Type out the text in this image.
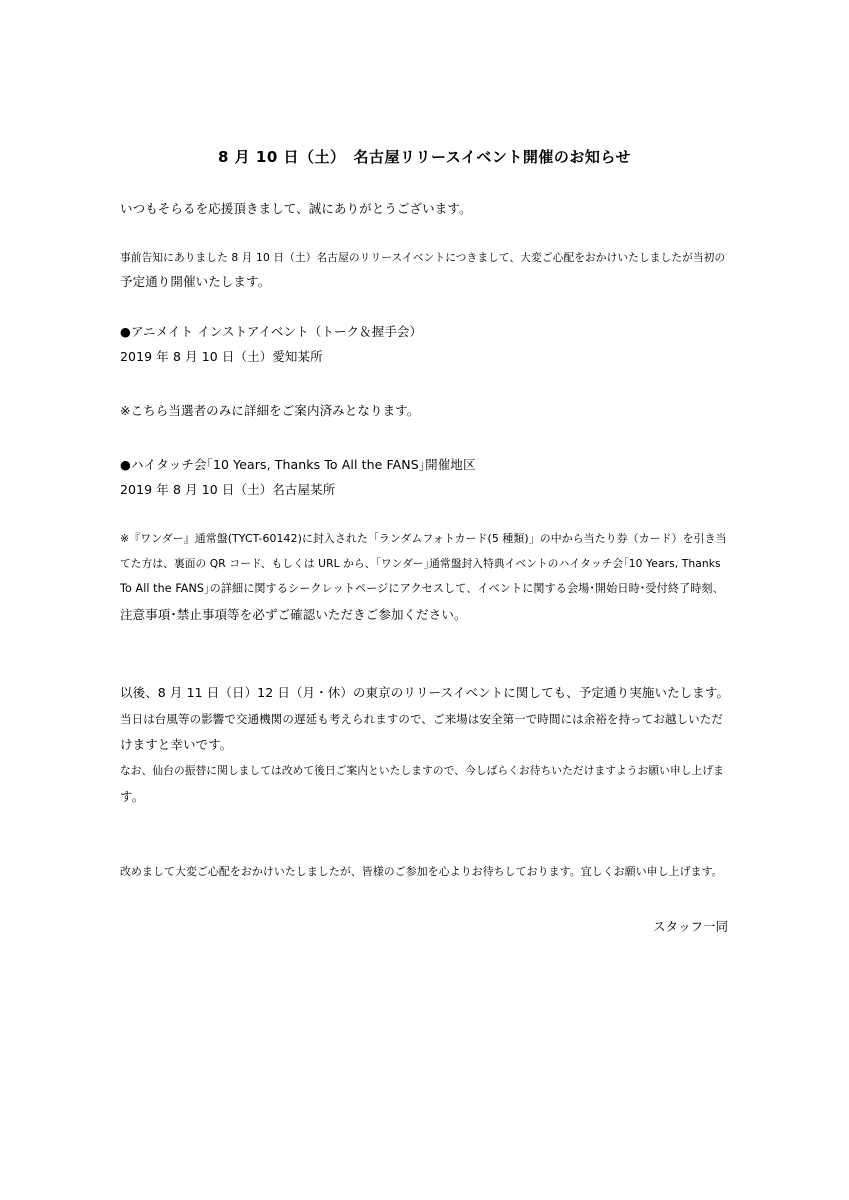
8 月 10 日（土）　名古屋リリースイベント開催のお知らせ
いつもそらるを応援頂きまして、誠にありがとうございます。
事前告知にありました 8 月 10 日（土）名古屋のリリースイベントにつきまして、大変ご心配をおかけいたしましたが当初の
予定通り開催いたします。
●アニメイト インストアイベント（トーク＆握手会）
2019 年 8 月 10 日（土）愛知某所
※こちら当選者のみに詳細をご案内済みとなります。
●ハイタッチ会｢10 Years, Thanks To All the FANS｣開催地区
2019 年 8 月 10 日（土）名古屋某所
※『ワンダー』通常盤(TYCT-60142)に封入された「ランダムフォトカード(5 種類)」の中から当たり券（カード）を引き当
てた方は、裏面の QR コード、もしくは URL から、｢ワンダー｣通常盤封入特典イベントのハイタッチ会｢10 Years, Thanks
To All the FANS｣の詳細に関するシークレットページにアクセスして、イベントに関する会場･開始日時･受付終了時刻、
注意事項･禁止事項等を必ずご確認いただきご参加ください。
以後、8 月 11 日（日）12 日（月・休）の東京のリリースイベントに関しても、予定通り実施いたします。
当日は台風等の影響で交通機関の遅延も考えられますので、ご来場は安全第一で時間には余裕を持ってお越しいただ
けますと幸いです。
なお、仙台の振替に関しましては改めて後日ご案内といたしますので、今しばらくお待ちいただけますようお願い申し上げま
す。
改めまして大変ご心配をおかけいたしましたが、皆様のご参加を心よりお待ちしております。宜しくお願い申し上げます。
スタッフ一同
